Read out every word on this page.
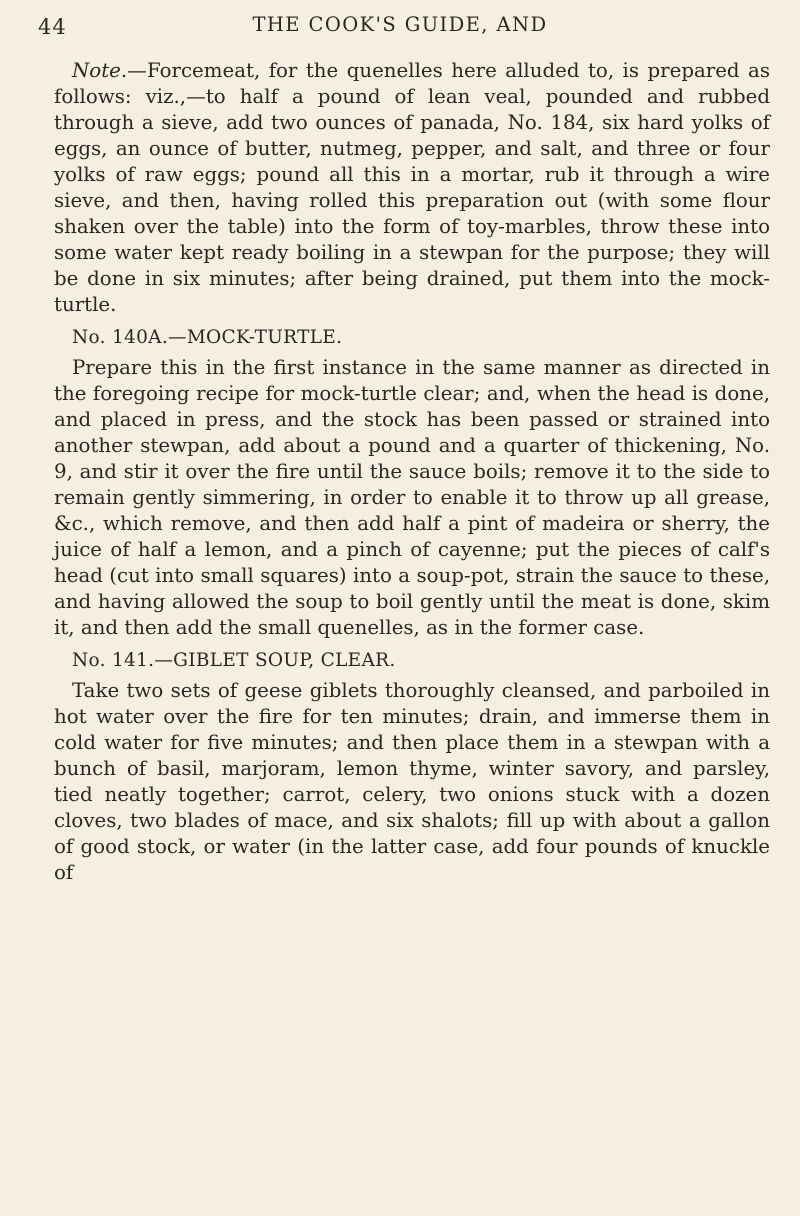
44	THE COOK'S GUIDE, AND

Note.—Forcemeat, for the quenelles here alluded to, is prepared as follows: viz.,—to half a pound of lean veal, pounded and rubbed through a sieve, add two ounces of panada, No. 184, six hard yolks of eggs, an ounce of butter, nutmeg, pepper, and salt, and three or four yolks of raw eggs; pound all this in a mortar, rub it through a wire sieve, and then, having rolled this preparation out (with some flour shaken over the table) into the form of toy-marbles, throw these into some water kept ready boiling in a stewpan for the purpose; they will be done in six minutes; after being drained, put them into the mock-turtle.

No. 140A.—MOCK-TURTLE.

Prepare this in the first instance in the same manner as directed in the foregoing recipe for mock-turtle clear; and, when the head is done, and placed in press, and the stock has been passed or strained into another stewpan, add about a pound and a quarter of thickening, No. 9, and stir it over the fire until the sauce boils; remove it to the side to remain gently simmering, in order to enable it to throw up all grease, &c., which remove, and then add half a pint of madeira or sherry, the juice of half a lemon, and a pinch of cayenne; put the pieces of calf's head (cut into small squares) into a soup-pot, strain the sauce to these, and having allowed the soup to boil gently until the meat is done, skim it, and then add the small quenelles, as in the former case.

No. 141.—GIBLET SOUP, CLEAR.

Take two sets of geese giblets thoroughly cleansed, and parboiled in hot water over the fire for ten minutes; drain, and immerse them in cold water for five minutes; and then place them in a stewpan with a bunch of basil, marjoram, lemon thyme, winter savory, and parsley, tied neatly together; carrot, celery, two onions stuck with a dozen cloves, two blades of mace, and six shalots; fill up with about a gallon of good stock, or water (in the latter case, add four pounds of knuckle of
